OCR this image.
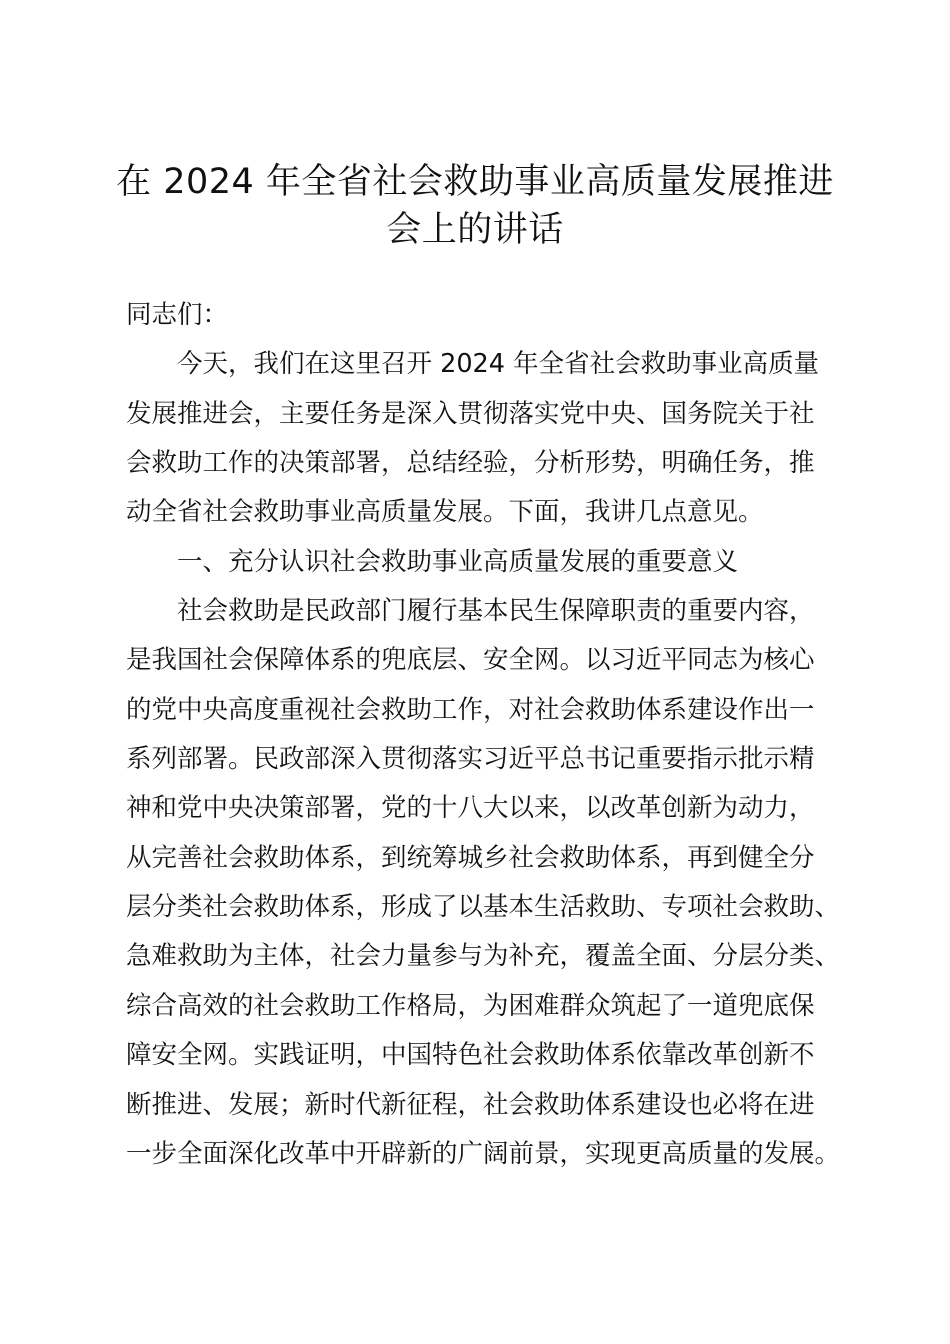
在 2024 年全省社会救助事业高质量发展推进
会上的讲话

同志们：

今天，我们在这里召开 2024 年全省社会救助事业高质量

发展推进会，主要任务是深入贯彻落实党中央、国务院关于社

会救助工作的决策部署，总结经验，分析形势，明确任务，推

动全省社会救助事业高质量发展。下面，我讲几点意见。

一、充分认识社会救助事业高质量发展的重要意义

社会救助是民政部门履行基本民生保障职责的重要内容，

是我国社会保障体系的兜底层、安全网。以习近平同志为核心

的党中央高度重视社会救助工作，对社会救助体系建设作出一

系列部署。民政部深入贯彻落实习近平总书记重要指示批示精

神和党中央决策部署，党的十八大以来，以改革创新为动力，

从完善社会救助体系，到统筹城乡社会救助体系，再到健全分

层分类社会救助体系，形成了以基本生活救助、专项社会救助、

急难救助为主体，社会力量参与为补充，覆盖全面、分层分类、

综合高效的社会救助工作格局，为困难群众筑起了一道兜底保

障安全网。实践证明，中国特色社会救助体系依靠改革创新不

断推进、发展；新时代新征程，社会救助体系建设也必将在进

一步全面深化改革中开辟新的广阔前景，实现更高质量的发展。
